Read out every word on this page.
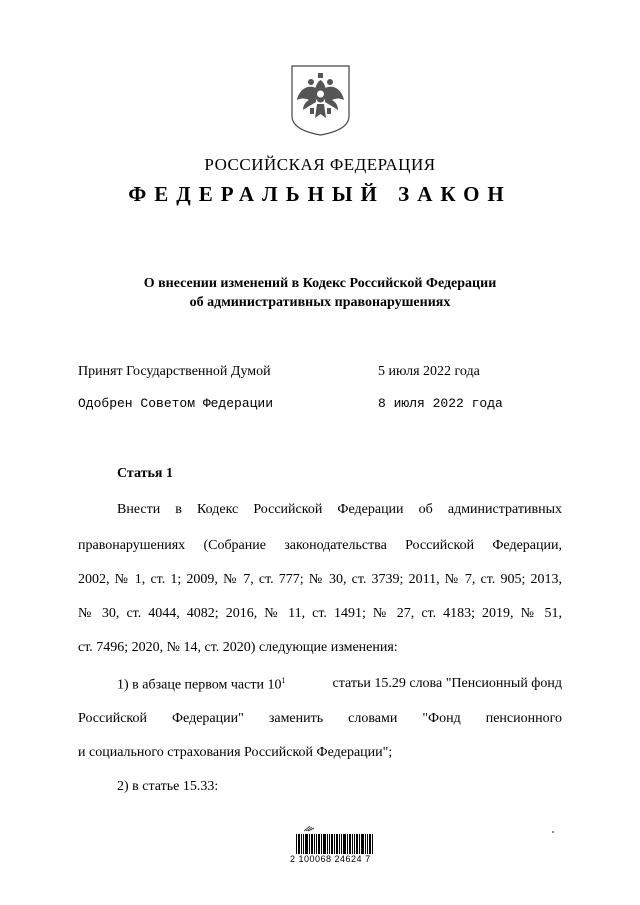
РОССИЙСКАЯ ФЕДЕРАЦИЯ
ФЕДЕРАЛЬНЫЙ ЗАКОН
О внесении изменений в Кодекс Российской Федерации
об административных правонарушениях
Принят Государственной Думой	5 июля 2022 года
Одобрен Советом Федерации	8 июля 2022 года
Статья 1
Внести в Кодекс Российской Федерации об административных
правонарушениях (Собрание законодательства Российской Федерации,
2002, № 1, ст. 1; 2009, № 7, ст. 777; № 30, ст. 3739; 2011, № 7, ст. 905; 2013,
№ 30, ст. 4044, 4082; 2016, № 11, ст. 1491; № 27, ст. 4183; 2019, № 51,
ст. 7496; 2020, № 14, ст. 2020) следующие изменения:
1) в абзаце первом части $10^1$	статьи 15.29 слова "Пенсионный фонд
Российской Федерации" заменить словами "Фонд пенсионного
и социального страхования Российской Федерации";
2) в статье 15.33:
2 100068 24624 7
